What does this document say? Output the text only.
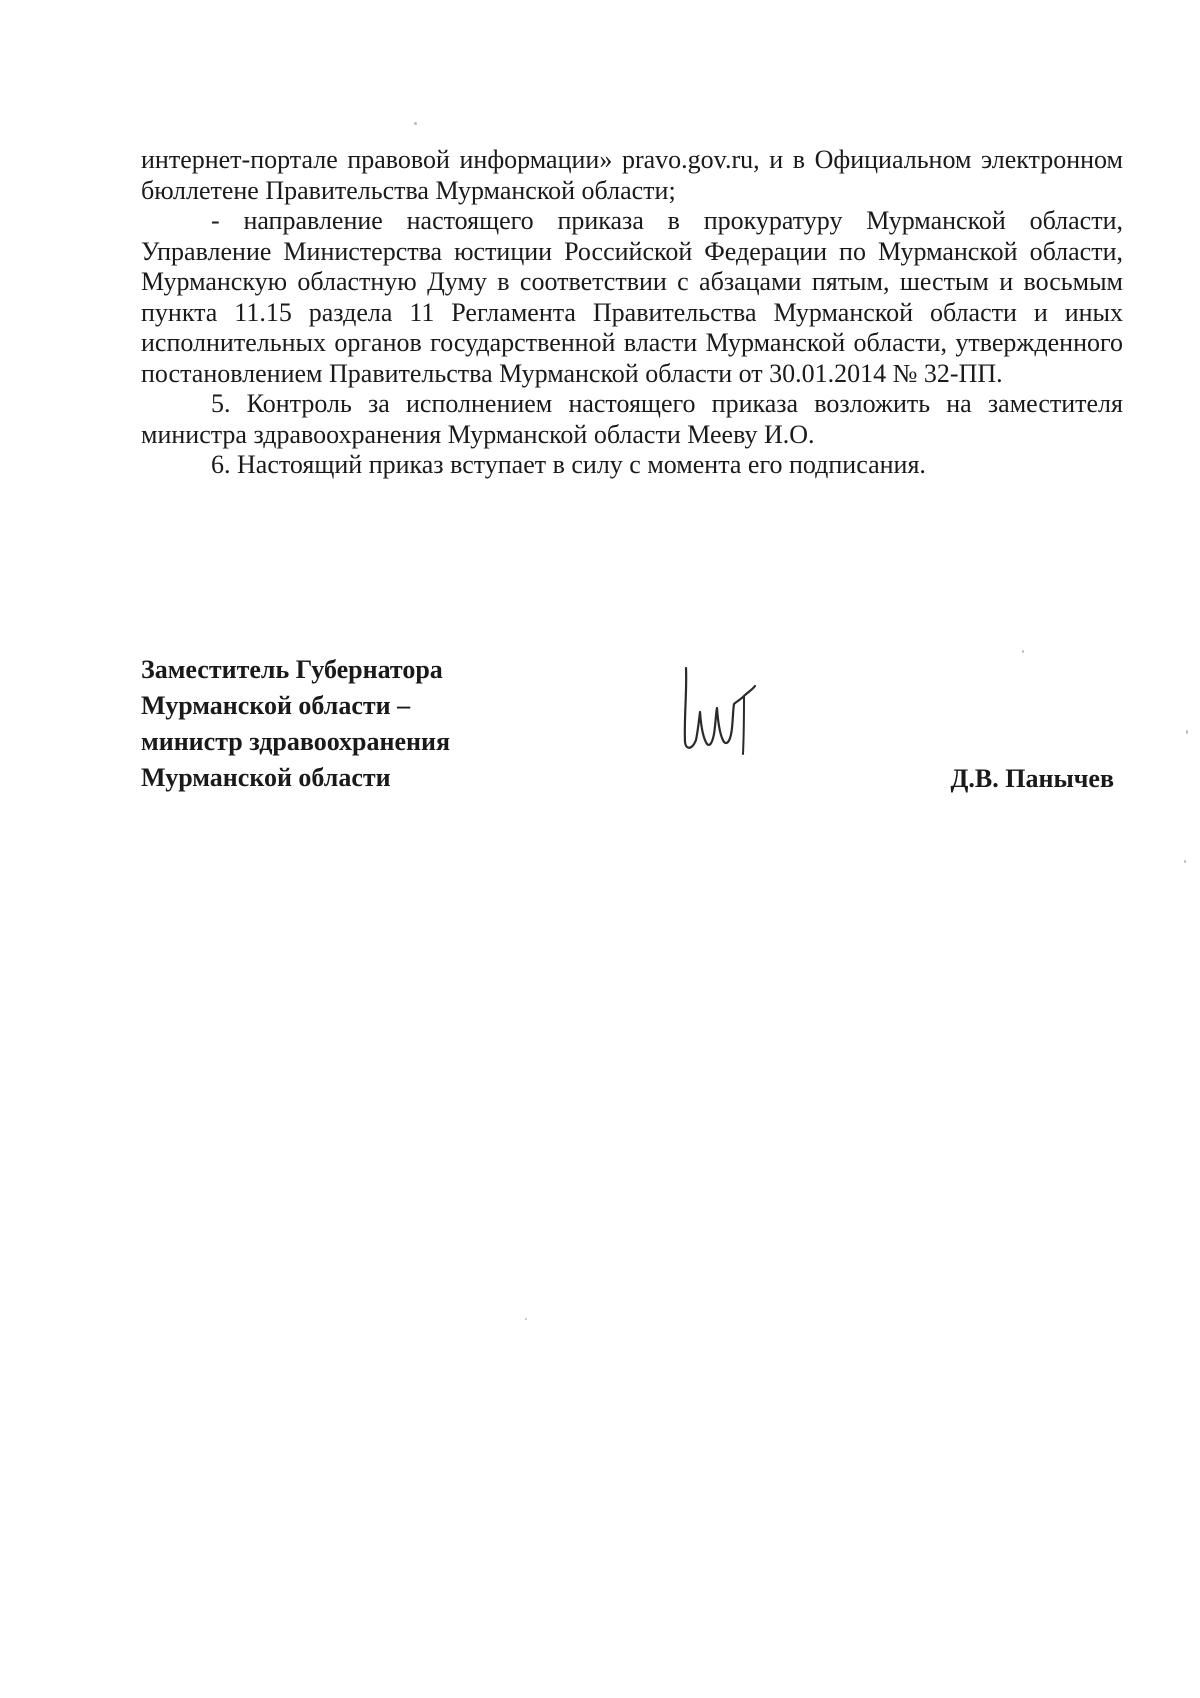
интернет-портале правовой информации» pravo.gov.ru, и в Официальном электронном бюллетене Правительства Мурманской области;

- направление настоящего приказа в прокуратуру Мурманской области, Управление Министерства юстиции Российской Федерации по Мурманской области, Мурманскую областную Думу в соответствии с абзацами пятым, шестым и восьмым пункта 11.15 раздела 11 Регламента Правительства Мурманской области и иных исполнительных органов государственной власти Мурманской области, утвержденного постановлением Правительства Мурманской области от 30.01.2014 № 32-ПП.

5. Контроль за исполнением настоящего приказа возложить на заместителя министра здравоохранения Мурманской области Мееву И.О.

6. Настоящий приказ вступает в силу с момента его подписания.

Заместитель Губернатора
Мурманской области –
министр здравоохранения
Мурманской области	Д.В. Панычев
